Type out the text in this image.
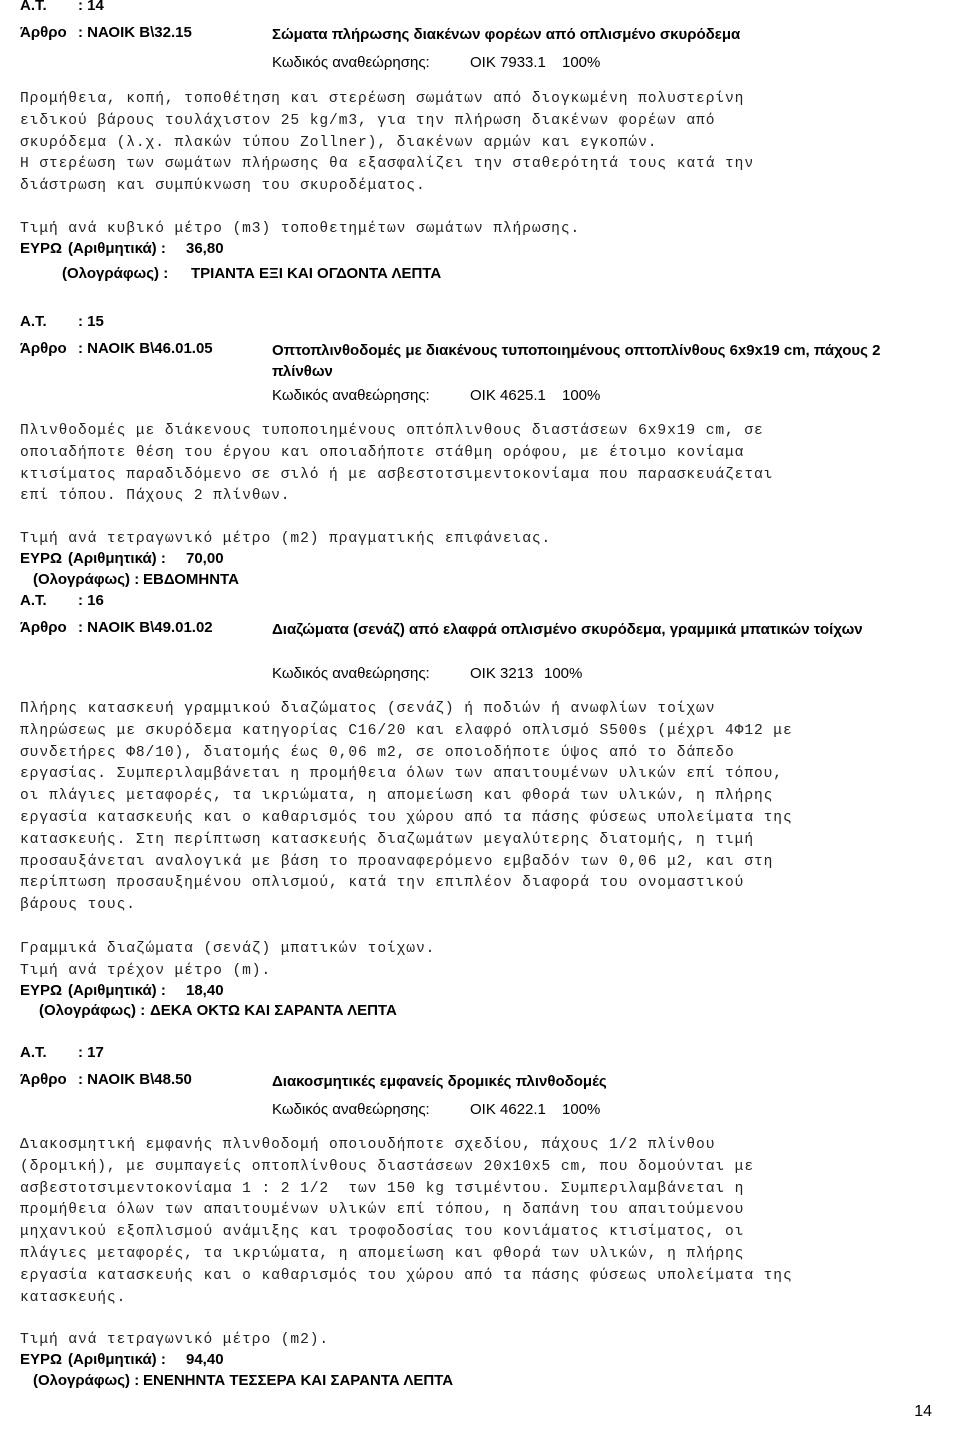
Α.Τ. : 14
Άρθρο : ΝΑΟΙΚ Β\32.15	Σώματα πλήρωσης διακένων φορέων από οπλισμένο σκυρόδεμα
Κωδικός αναθεώρησης:	ΟΙΚ 7933.1 100%
Προμήθεια, κοπή, τοποθέτηση και στερέωση σωμάτων από διογκωμένη πολυστερίνη
ειδικού βάρους τουλάχιστον 25 kg/m3, για την πλήρωση διακένων φορέων από
σκυρόδεμα (λ.χ. πλακών τύπου Zollner), διακένων αρμών και εγκοπών.
Η στερέωση των σωμάτων πλήρωσης θα εξασφαλίζει την σταθερότητά τους κατά την
διάστρωση και συμπύκνωση του σκυροδέματος.
Τιμή ανά κυβικό μέτρο (m3) τοποθετημέτων σωμάτων πλήρωσης.
ΕΥΡΩ (Αριθμητικά) : 36,80
(Ολογράφως) : ΤΡΙΑΝΤΑ ΕΞΙ ΚΑΙ ΟΓΔΟΝΤΑ ΛΕΠΤΑ
Α.Τ. : 15
Άρθρο : ΝΑΟΙΚ Β\46.01.05	Οπτοπλινθοδομές με διακένους τυποποιημένους οπτοπλίνθους 6x9x19 cm, πάχους 2 πλίνθων
Κωδικός αναθεώρησης:	ΟΙΚ 4625.1 100%
Πλινθοδομές με διάκενους τυποποιημένους οπτόπλινθους διαστάσεων 6x9x19 cm, σε
οποιαδήποτε θέση του έργου και οποιαδήποτε στάθμη ορόφου, με έτοιμο κονίαμα
κτισίματος παραδιδόμενο σε σιλό ή με ασβεστοτσιμεντοκονίαμα που παρασκευάζεται
επί τόπου. Πάχους 2 πλίνθων.
Τιμή ανά τετραγωνικό μέτρο (m2) πραγματικής επιφάνειας.
ΕΥΡΩ (Αριθμητικά) : 70,00
(Ολογράφως) : ΕΒΔΟΜΗΝΤΑ
Α.Τ. : 16
Άρθρο : ΝΑΟΙΚ Β\49.01.02	Διαζώματα (σενάζ) από ελαφρά οπλισμένο σκυρόδεμα, γραμμικά μπατικών τοίχων
Κωδικός αναθεώρησης:	ΟΙΚ 3213 100%
Πλήρης κατασκευή γραμμικού διαζώματος (σενάζ) ή ποδιών ή ανωφλίων τοίχων
πληρώσεως με σκυρόδεμα κατηγορίας C16/20 και ελαφρό οπλισμό S500s (μέχρι 4Φ12 με
συνδετήρες Φ8/10), διατομής έως 0,06 m2, σε οποιοδήποτε ύψος από το δάπεδο
εργασίας. Συμπεριλαμβάνεται η προμήθεια όλων των απαιτουμένων υλικών επί τόπου,
οι πλάγιες μεταφορές, τα ικριώματα, η απομείωση και φθορά των υλικών, η πλήρης
εργασία κατασκευής και ο καθαρισμός του χώρου από τα πάσης φύσεως υπολείματα της
κατασκευής. Στη περίπτωση κατασκευής διαζωμάτων μεγαλύτερης διατομής, η τιμή
προσαυξάνεται αναλογικά με βάση το προαναφερόμενο εμβαδόν των 0,06 μ2, και στη
περίπτωση προσαυξημένου οπλισμού, κατά την επιπλέον διαφορά του ονομαστικού
βάρους τους.
Γραμμικά διαζώματα (σενάζ) μπατικών τοίχων.
Τιμή ανά τρέχον μέτρο (m).
ΕΥΡΩ (Αριθμητικά) : 18,40
(Ολογράφως) : ΔΕΚΑ ΟΚΤΩ ΚΑΙ ΣΑΡΑΝΤΑ ΛΕΠΤΑ
Α.Τ. : 17
Άρθρο : ΝΑΟΙΚ Β\48.50	Διακοσμητικές εμφανείς δρομικές πλινθοδομές
Κωδικός αναθεώρησης:	ΟΙΚ 4622.1 100%
Διακοσμητική εμφανής πλινθοδομή οποιουδήποτε σχεδίου, πάχους 1/2 πλίνθου
(δρομική), με συμπαγείς οπτοπλίνθους διαστάσεων 20x10x5 cm, που δομούνται με
ασβεστοτσιμεντοκονίαμα 1 : 2 1/2  των 150 kg τσιμέντου. Συμπεριλαμβάνεται η
προμήθεια όλων των απαιτουμένων υλικών επί τόπου, η δαπάνη του απαιτούμενου
μηχανικού εξοπλισμού ανάμιξης και τροφοδοσίας του κονιάματος κτισίματος, οι
πλάγιες μεταφορές, τα ικριώματα, η απομείωση και φθορά των υλικών, η πλήρης
εργασία κατασκευής και ο καθαρισμός του χώρου από τα πάσης φύσεως υπολείματα της
κατασκευής.
Τιμή ανά τετραγωνικό μέτρο (m2).
ΕΥΡΩ (Αριθμητικά) : 94,40
(Ολογράφως) : ΕΝΕΝΗΝΤΑ ΤΕΣΣΕΡΑ ΚΑΙ ΣΑΡΑΝΤΑ ΛΕΠΤΑ
14
